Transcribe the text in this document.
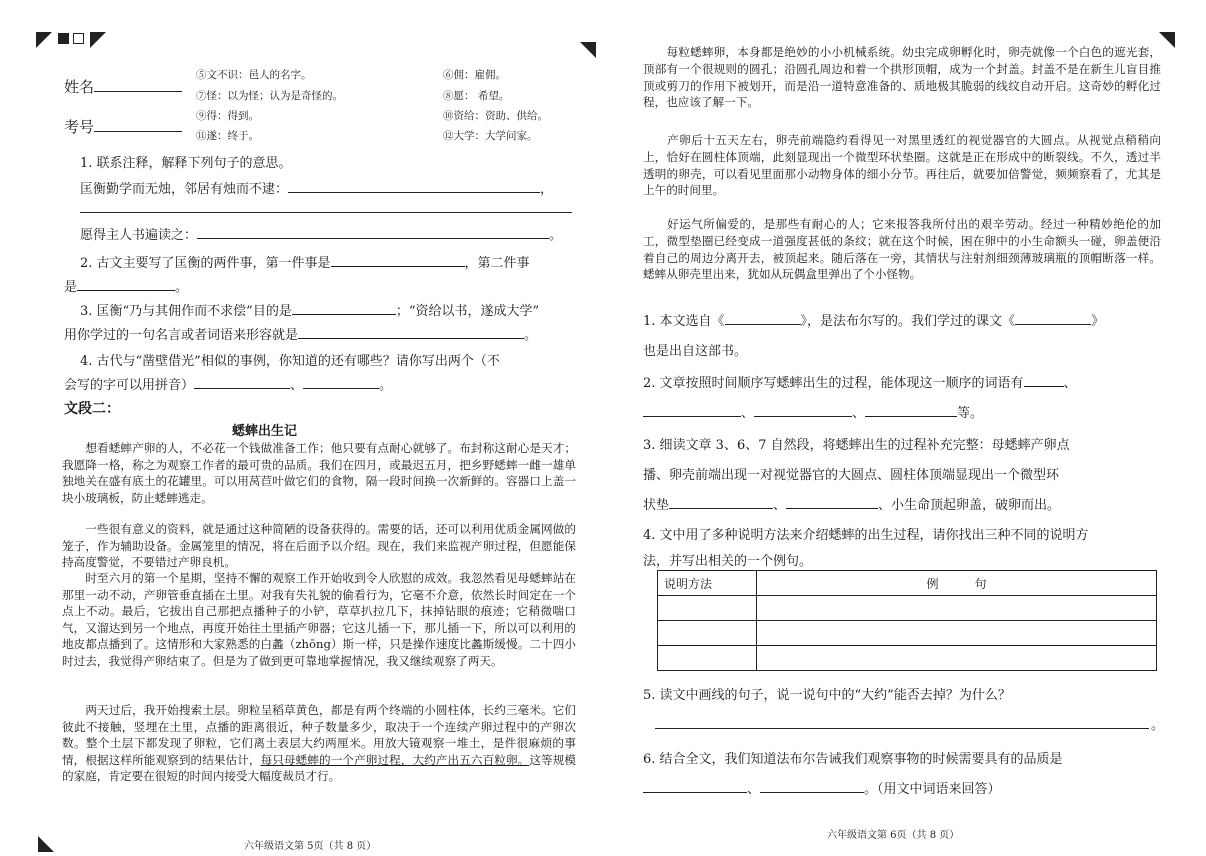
姓名
考号
⑤文不识：邑人的名字。	⑥佣：雇佣。
⑦怪：以为怪；认为是奇怪的。	⑧愿： 希望。
⑨得：得到。	⑩资给：资助、供给。
⑪遂：终于。	⑫大学：大学问家。
1. 联系注释，解释下列句子的意思。
匡衡勤学而无烛，邻居有烛而不逮：	，
愿得主人书遍读之：	。
2. 古文主要写了匡衡的两件事，第一件事是	，第二件事
是	。
3. 匡衡“乃与其佣作而不求偿”目的是	；“资给以书，遂成大学”
用你学过的一句名言或者词语来形容就是	。
4. 古代与“凿壁借光”相似的事例，你知道的还有哪些？请你写出两个（不
会写的字可以用拼音）	、	。
文段二：
蟋蟀出生记
　　想看蟋蟀产卵的人，不必花一个钱做准备工作；他只要有点耐心就够了。布封称这耐心是天才；我愿降一格，称之为观察工作者的最可贵的品质。我们在四月，或最迟五月，把乡野蟋蟀一雌一雄单独地关在盛有底土的花罐里。可以用莴苣叶做它们的食物，隔一段时间换一次新鲜的。容器口上盖一块小玻璃板，防止蟋蟀逃走。
　　一些很有意义的资料，就是通过这种简陋的设备获得的。需要的话，还可以利用优质金属网做的笼子，作为辅助设备。金属笼里的情况，将在后面予以介绍。现在，我们来监视产卵过程，但愿能保持高度警觉，不要错过产卵良机。
　　时至六月的第一个星期，坚持不懈的观察工作开始收到令人欣慰的成效。我忽然看见母蟋蟀站在那里一动不动，产卵管垂直插在土里。对我有失礼貌的偷看行为，它毫不介意，依然长时间定在一个点上不动。最后，它拔出自己那把点播种子的小铲，草草扒拉几下，抹掉钻眼的痕迹；它稍微喘口气，又溜达到另一个地点，再度开始往土里插产卵器；它这儿插一下，那儿插一下，所以可以利用的地皮都点播到了。这情形和大家熟悉的白蠡（zhōng）斯一样，只是操作速度比蠡斯缓慢。二十四小时过去，我觉得产卵结束了。但是为了做到更可靠地掌握情况，我又继续观察了两天。
　　两天过后，我开始搜索土层。卵粒呈稻草黄色，都是有两个终端的小圆柱体，长约三毫米。它们彼此不接触，竖埋在土里，点播的距离很近，种子数量多少，取决于一个连续产卵过程中的产卵次数。整个土层下都发现了卵粒，它们离土表层大约两厘米。用放大镜观察一堆土，是件很麻烦的事情，根据这样所能观察到的结果估计，每只母蟋蟀的一个产卵过程，大约产出五六百粒卵。这等规模的家庭，肯定要在很短的时间内接受大幅度裁员才行。
六年级语文第 5页（共 8 页）
　　每粒蟋蟀卵，本身都是绝妙的小小机械系统。幼虫完成卵孵化时，卵壳就像一个白色的遮光套，顶部有一个很规则的圆孔；沿圆孔周边和着一个拱形顶帽，成为一个封盖。封盖不是在新生儿盲目推顶或剪刀的作用下被划开，而是沿一道特意准备的、质地极其脆弱的线纹自动开启。这奇妙的孵化过程，也应该了解一下。
　　产卵后十五天左右，卵壳前端隐约看得见一对黑里透红的视觉器官的大圆点。从视觉点稍稍向上，恰好在圆柱体顶端，此刻显现出一个微型环状垫圈。这就是正在形成中的断裂线。不久，透过半透明的卵壳，可以看见里面那小动物身体的细小分节。再往后，就要加倍警觉，频频察看了，尤其是上午的时间里。
　　好运气所偏爱的，是那些有耐心的人；它来报答我所付出的艰辛劳动。经过一种精妙绝伦的加工，微型垫圈已经变成一道强度甚低的条纹；就在这个时候，困在卵中的小生命额头一碰，卵盖便沿着自己的周边分离开去，被顶起来。随后落在一旁，其情状与注射剂细颈薄玻璃瓶的顶帽断落一样。蟋蟀从卵壳里出来，犹如从玩偶盒里弹出了个小怪物。
1. 本文选自《	》，是法布尔写的。我们学过的课文《	》
也是出自这部书。
2. 文章按照时间顺序写蟋蟀出生的过程，能体现这一顺序的词语有	、
、	、	等。
3. 细读文章 3、6、7 自然段，将蟋蟀出生的过程补充完整：母蟋蟀产卵点
播、卵壳前端出现一对视觉器官的大圆点、圆柱体顶端显现出一个微型环
状垫	、	、小生命顶起卵盖，破卵而出。
4. 文中用了多种说明方法来介绍蟋蟀的出生过程，请你找出三种不同的说明方
法，并写出相关的一个例句。
说明方法	例　　　句

5. 读文中画线的句子，说一说句中的“大约”能否去掉？为什么？
。
6. 结合全文，我们知道法布尔告诫我们观察事物的时候需要具有的品质是
、	。（用文中词语来回答）
六年级语文第 6页（共 8 页）
